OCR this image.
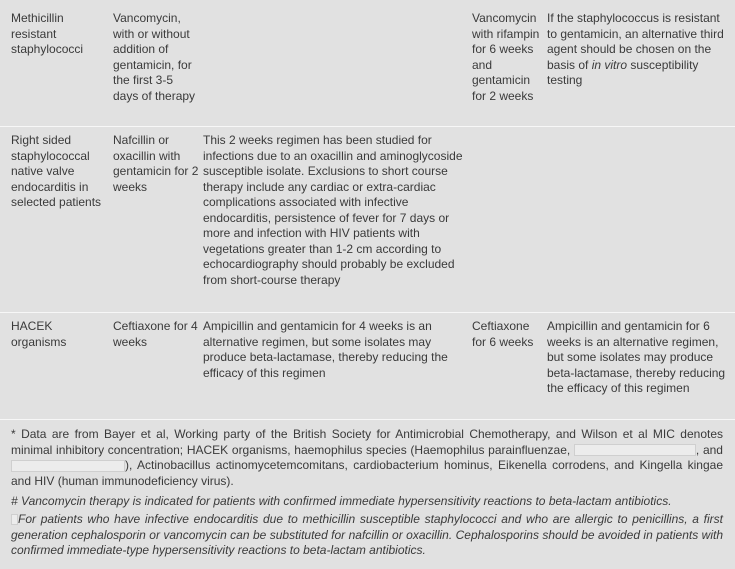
Methicillin resistant staphylococci
Vancomycin, with or without addition of gentamicin, for the first 3-5 days of therapy
Vancomycin with rifampin for 6 weeks and gentamicin for 2 weeks
If the staphylococcus is resistant to gentamicin, an alternative third agent should be chosen on the basis of in vitro susceptibility testing
Right sided staphylococcal native valve endocarditis in selected patients
Nafcillin or oxacillin with gentamicin for 2 weeks
This 2 weeks regimen has been studied for infections due to an oxacillin and aminoglycoside susceptible isolate. Exclusions to short course therapy include any cardiac or extra-cardiac complications associated with infective endocarditis, persistence of fever for 7 days or more and infection with HIV patients with vegetations greater than 1-2 cm according to echocardiography should probably be excluded from short-course therapy
HACEK organisms
Ceftiaxone for 4 weeks
Ampicillin and gentamicin for 4 weeks is an alternative regimen, but some isolates may produce beta-lactamase, thereby reducing the efficacy of this regimen
Ceftiaxone for 6 weeks
Ampicillin and gentamicin for 6 weeks is an alternative regimen, but some isolates may produce beta-lactamase, thereby reducing the efficacy of this regimen
* Data are from Bayer et al, Working party of the British Society for Antimicrobial Chemotherapy, and Wilson et al MIC denotes minimal inhibitory concentration; HACEK organisms, haemophilus species (Haemophilus parainfluenzae,	, and ), Actinobacillus actinomycetemcomitans, cardiobacterium hominus, Eikenella corrodens, and Kingella kingae and HIV (human immunodeficiency virus).
# Vancomycin therapy is indicated for patients with confirmed immediate hypersensitivity reactions to beta-lactam antibiotics.
For patients who have infective endocarditis due to methicillin susceptible staphylococci and who are allergic to penicillins, a first generation cephalosporin or vancomycin can be substituted for nafcillin or oxacillin. Cephalosporins should be avoided in patients with confirmed immediate-type hypersensitivity reactions to beta-lactam antibiotics.
